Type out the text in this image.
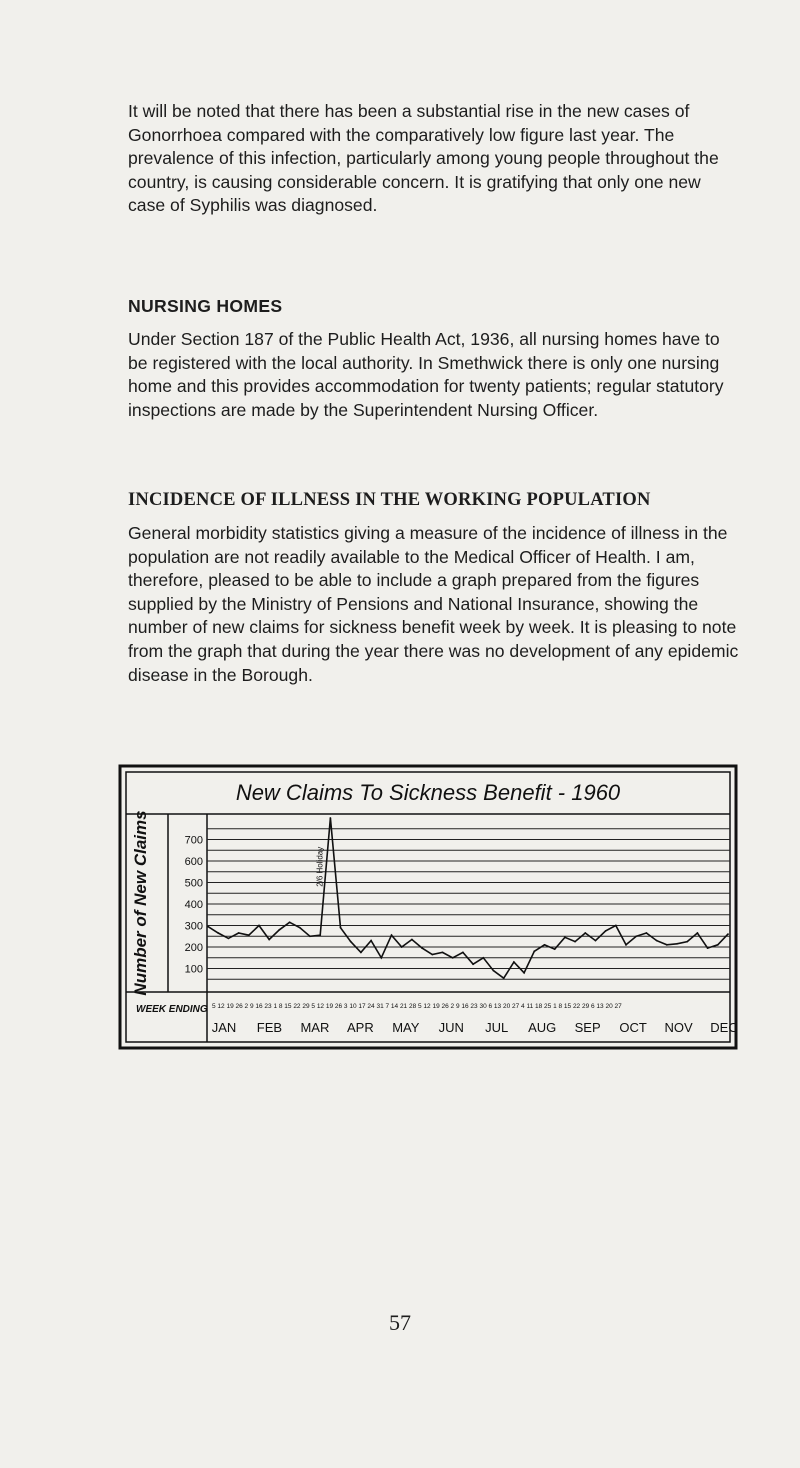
It will be noted that there has been a substantial rise in the new cases of Gonorrhoea compared with the comparatively low figure last year. The prevalence of this infection, particularly among young people throughout the country, is causing considerable concern. It is gratifying that only one new case of Syphilis was diagnosed.

NURSING HOMES

Under Section 187 of the Public Health Act, 1936, all nursing homes have to be registered with the local authority. In Smethwick there is only one nursing home and this provides accommodation for twenty patients; regular statutory inspections are made by the Superintendent Nursing Officer.

INCIDENCE OF ILLNESS IN THE WORKING POPULATION

General morbidity statistics giving a measure of the incidence of illness in the population are not readily available to the Medical Officer of Health. I am, therefore, pleased to be able to include a graph prepared from the figures supplied by the Ministry of Pensions and National Insurance, showing the number of new claims for sickness benefit week by week. It is pleasing to note from the graph that during the year there was no development of any epidemic disease in the Borough.

New Claims To Sickness Benefit - 1960
Number of New Claims	100
200
300
400
500
600
700
WEEK ENDING 5 12 19 26 2 9 16 23 1 8 15 22 29 5 12 19 26 3 10 17 24 31 7 14 21 28 5 12 19 26 2 9 16 23 30 6 13 20 27 4 11 18 25 1 8 15 22 29 6 13 20 27
JAN FEB MAR APR MAY JUN JUL AUG SEP OCT NOV DEC
2/6 Holiday
57
